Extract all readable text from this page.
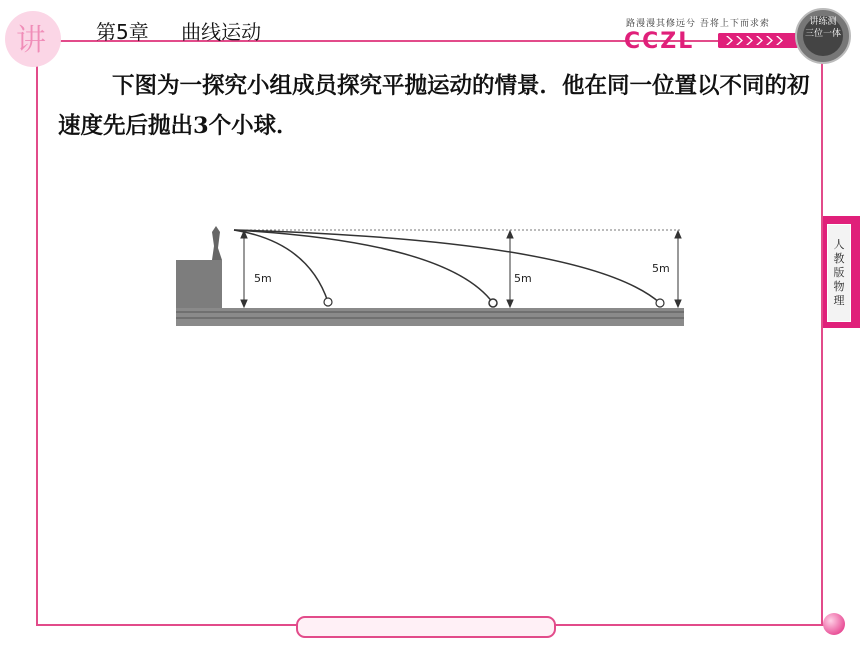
讲	第5章 曲线运动	路漫漫其修远兮 吾将上下而求索
CCZL
讲练测
三位一体
人
教
版
物
理
下图为一探究小组成员探究平抛运动的情景．他在同一位置以不同的初速度先后抛出3个小球．
5m	5m
5m
